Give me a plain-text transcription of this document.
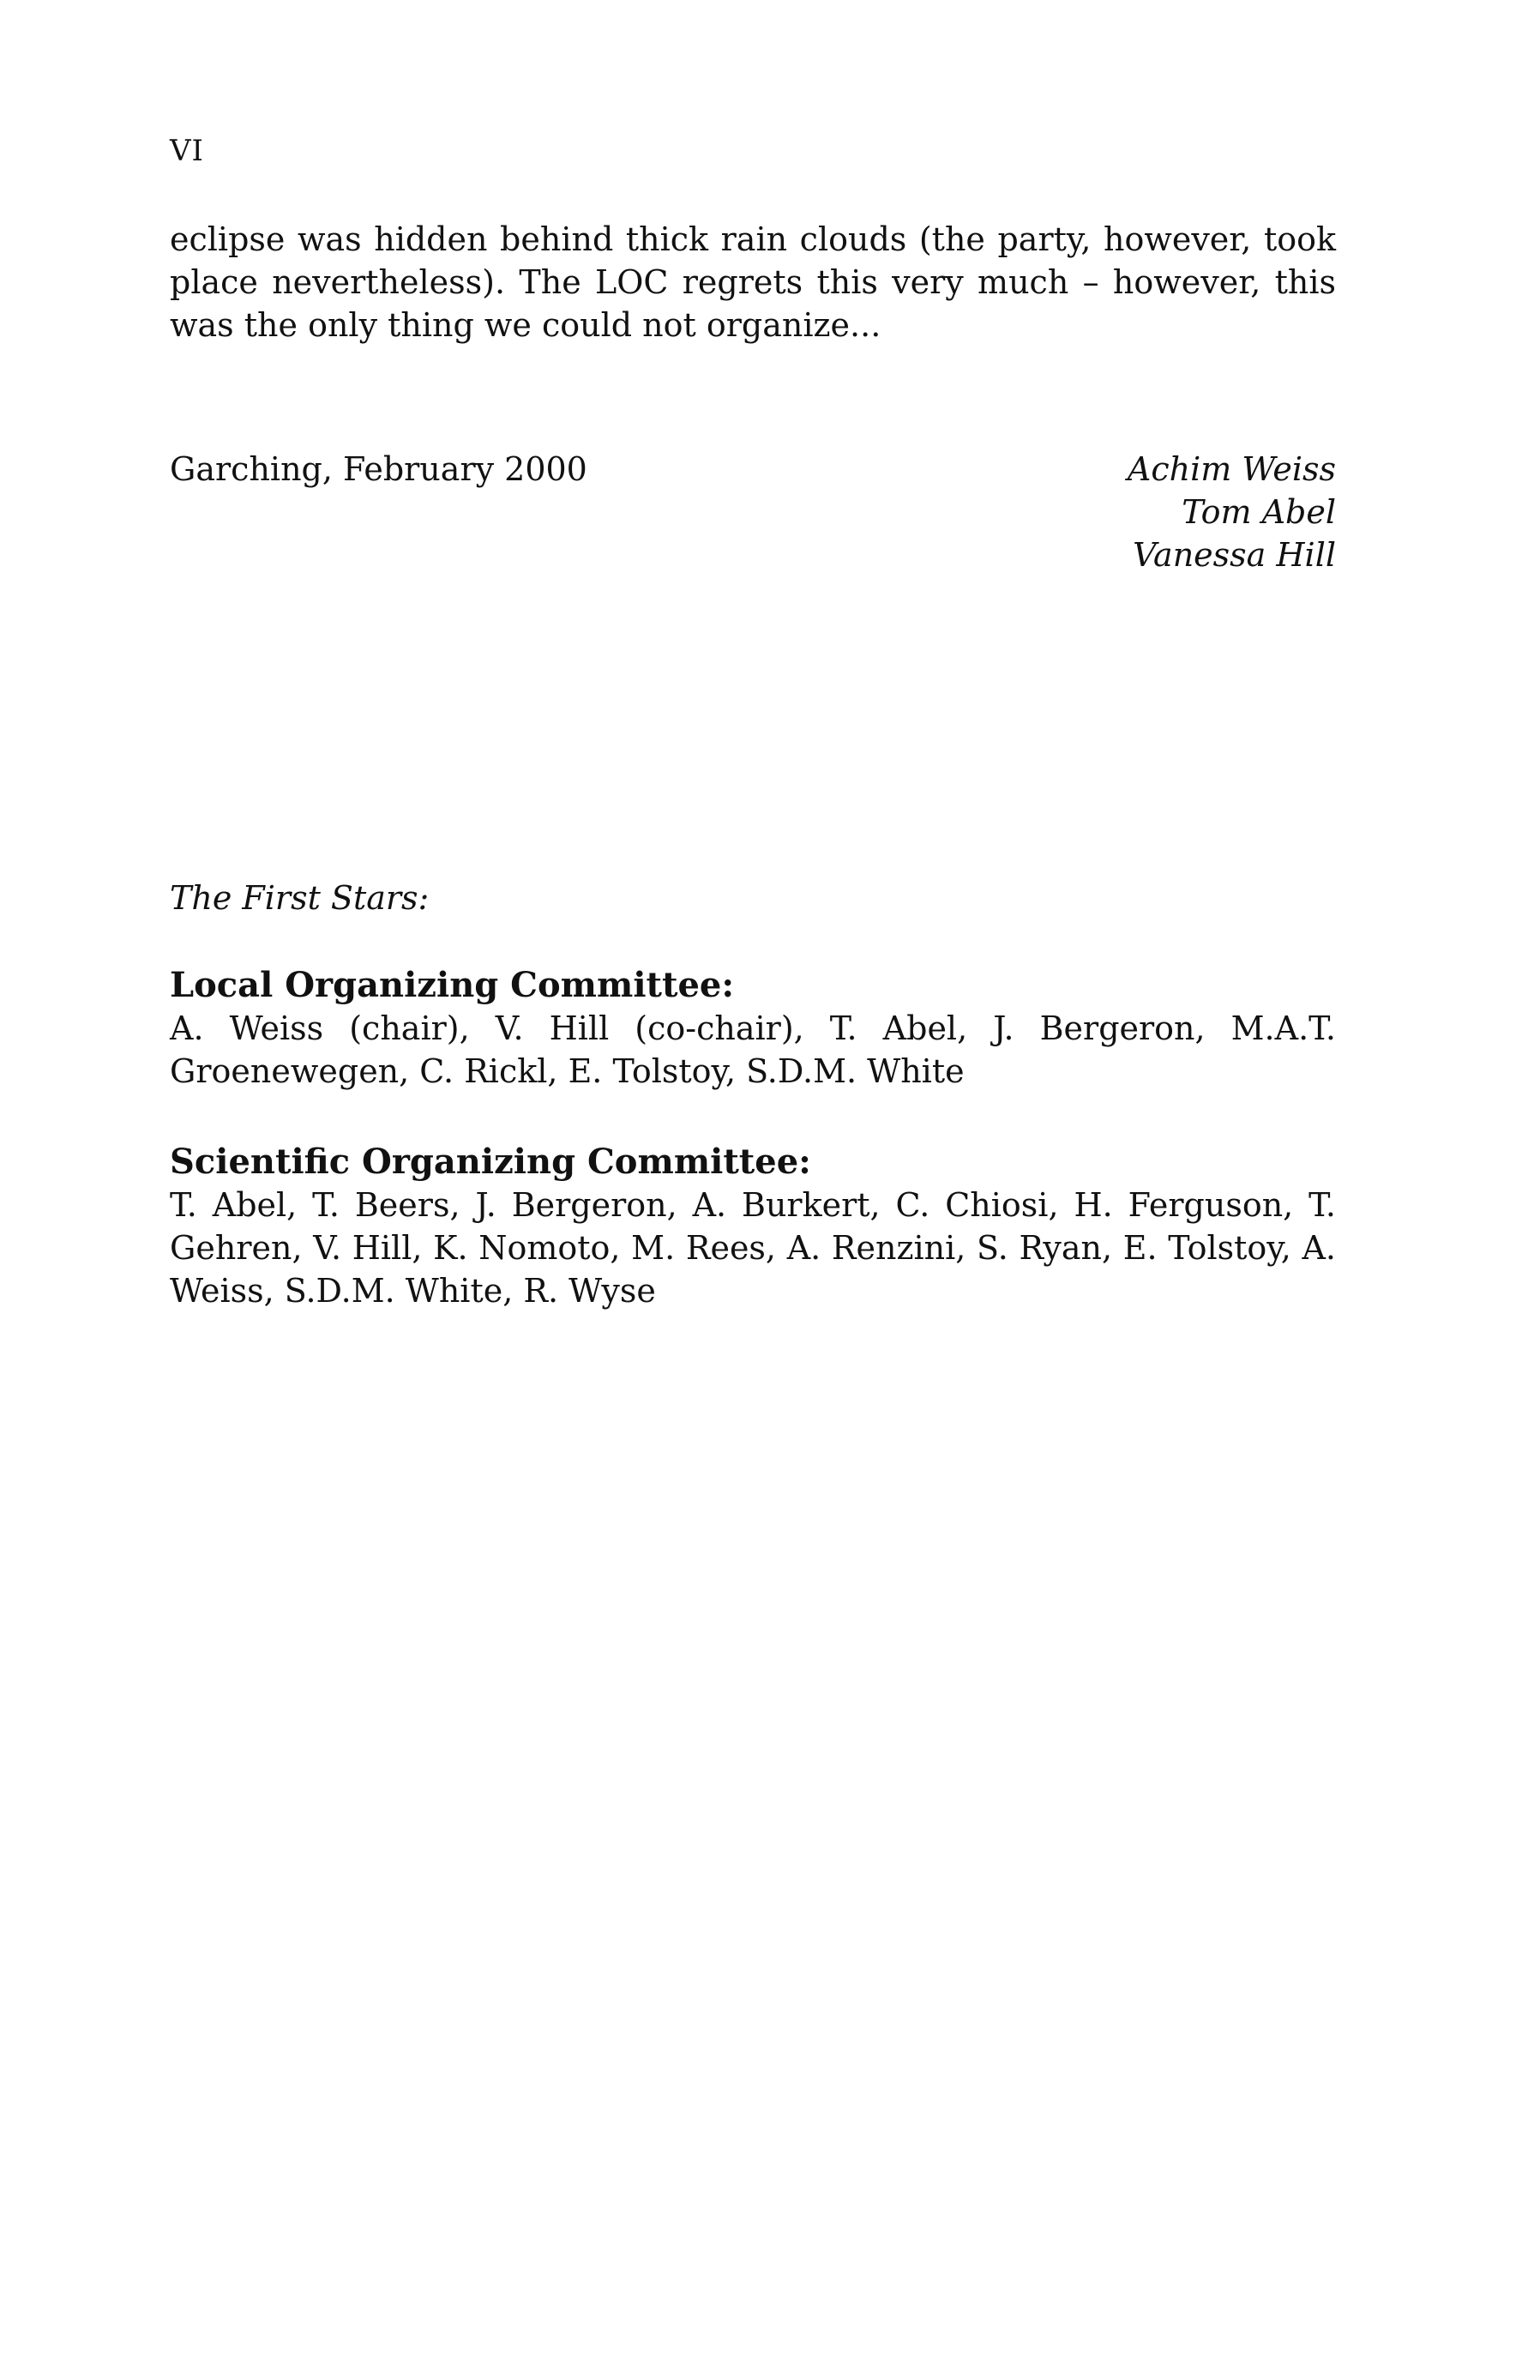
VI

eclipse was hidden behind thick rain clouds (the party, however, took place nevertheless). The LOC regrets this very much – however, this was the only thing we could not organize...

Garching, February 2000	Achim Weiss
Tom Abel
Vanessa Hill
The First Stars:
Local Organizing Committee:

A. Weiss (chair), V. Hill (co-chair), T. Abel, J. Bergeron, M.A.T. Groenewegen, C. Rickl, E. Tolstoy, S.D.M. White

Scientific Organizing Committee:

T. Abel, T. Beers, J. Bergeron, A. Burkert, C. Chiosi, H. Ferguson, T. Gehren, V. Hill, K. Nomoto, M. Rees, A. Renzini, S. Ryan, E. Tolstoy, A. Weiss, S.D.M. White, R. Wyse
